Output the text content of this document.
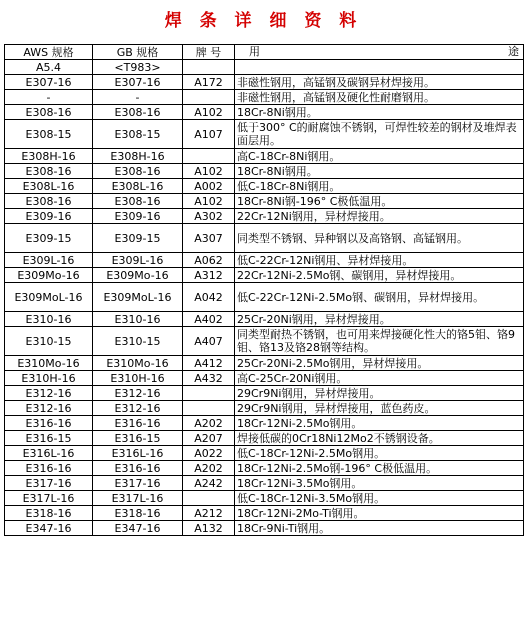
焊 条 详 细 资 料
AWS 规格	GB 规格	牌 号	用 途

A5.4	<T983>		
E307-16	E307-16	A172	非磁性钢用，高锰钢及碳钢异材焊接用。
-	-		非磁性钢用，高锰钢及硬化性耐磨钢用。
E308-16	E308-16	A102	18Cr-8Ni钢用。
E308-15	E308-15	A107	低于300° C的耐腐蚀不锈钢，可焊性较差的钢材及堆焊表面层用。
E308H-16	E308H-16		高C-18Cr-8Ni钢用。
E308-16	E308-16	A102	18Cr-8Ni钢用。
E308L-16	E308L-16	A002	低C-18Cr-8Ni钢用。
E308-16	E308-16	A102	18Cr-8Ni钢-196° C极低温用。
E309-16	E309-16	A302	22Cr-12Ni钢用，异材焊接用。
E309-15	E309-15	A307	同类型不锈钢、异种钢以及高铬钢、高锰钢用。
E309L-16	E309L-16	A062	低C-22Cr-12Ni钢用、异材焊接用。
E309Mo-16	E309Mo-16	A312	22Cr-12Ni-2.5Mo钢、碳钢用，异材焊接用。
E309MoL-16	E309MoL-16	A042	低C-22Cr-12Ni-2.5Mo钢、碳钢用，异材焊接用。
E310-16	E310-16	A402	25Cr-20Ni钢用，异材焊接用。
E310-15	E310-15	A407	同类型耐热不锈钢，也可用来焊接硬化性大的铬5钼、铬9钼、铬13及铬28钢等结构。
E310Mo-16	E310Mo-16	A412	25Cr-20Ni-2.5Mo钢用，异材焊接用。
E310H-16	E310H-16	A432	高C-25Cr-20Ni钢用。
E312-16	E312-16		29Cr9Ni钢用，异材焊接用。
E312-16	E312-16		29Cr9Ni钢用，异材焊接用，蓝色药皮。
E316-16	E316-16	A202	18Cr-12Ni-2.5Mo钢用。
E316-15	E316-15	A207	焊接低碳的0Cr18Ni12Mo2不锈钢设备。
E316L-16	E316L-16	A022	低C-18Cr-12Ni-2.5Mo钢用。
E316-16	E316-16	A202	18Cr-12Ni-2.5Mo钢-196° C极低温用。
E317-16	E317-16	A242	18Cr-12Ni-3.5Mo钢用。
E317L-16	E317L-16		低C-18Cr-12Ni-3.5Mo钢用。
E318-16	E318-16	A212	18Cr-12Ni-2Mo-Ti钢用。
E347-16	E347-16	A132	18Cr-9Ni-Ti钢用。
